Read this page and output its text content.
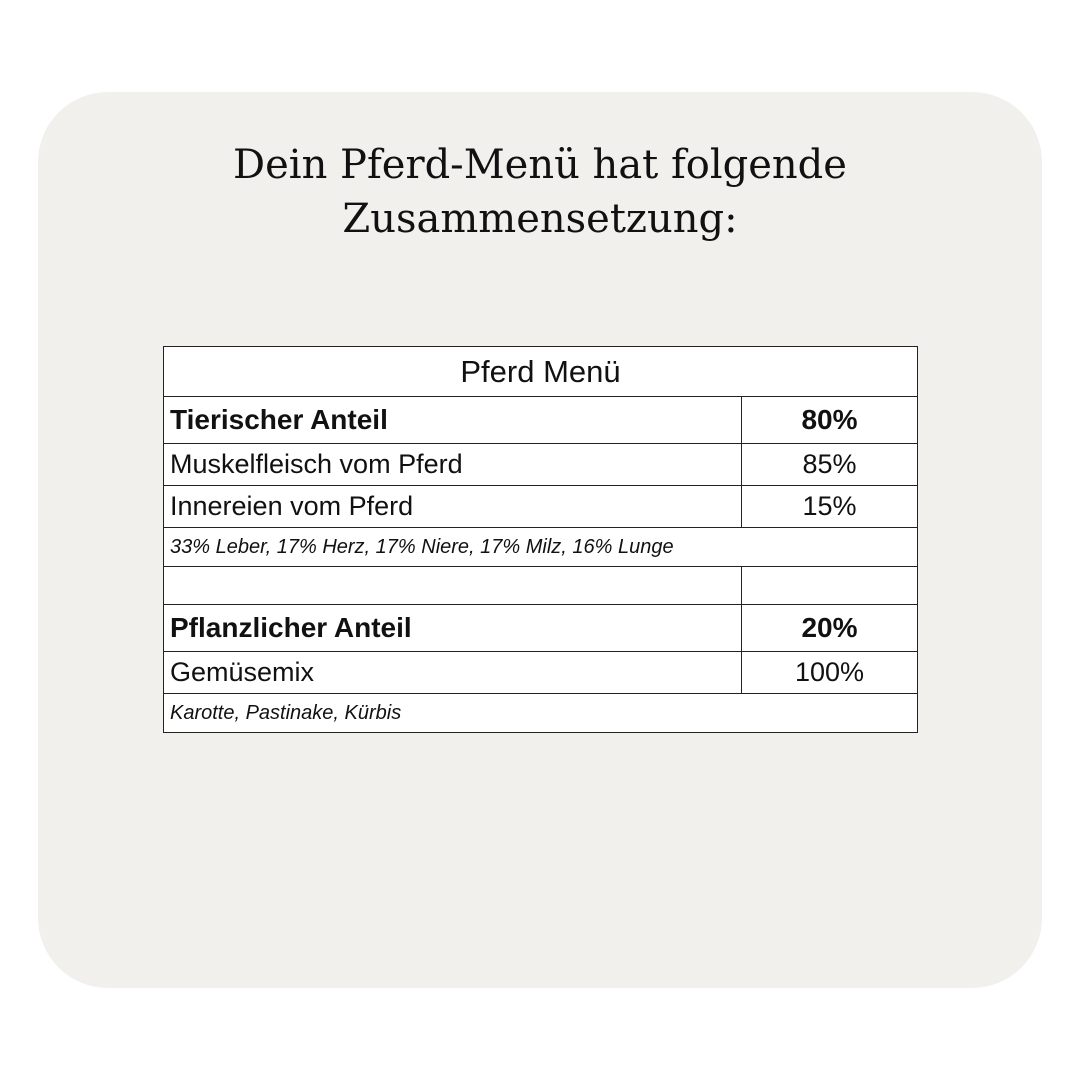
Dein Pferd-Menü hat folgende
Zusammensetzung:
Pferd Menü	
Tierischer Anteil	80%
Muskelfleisch vom Pferd	85%
Innereien vom Pferd	15%
33% Leber, 17% Herz, 17% Niere, 17% Milz, 16% Lunge	

Pflanzlicher Anteil	20%
Gemüsemix	100%
Karotte, Pastinake, Kürbis	
